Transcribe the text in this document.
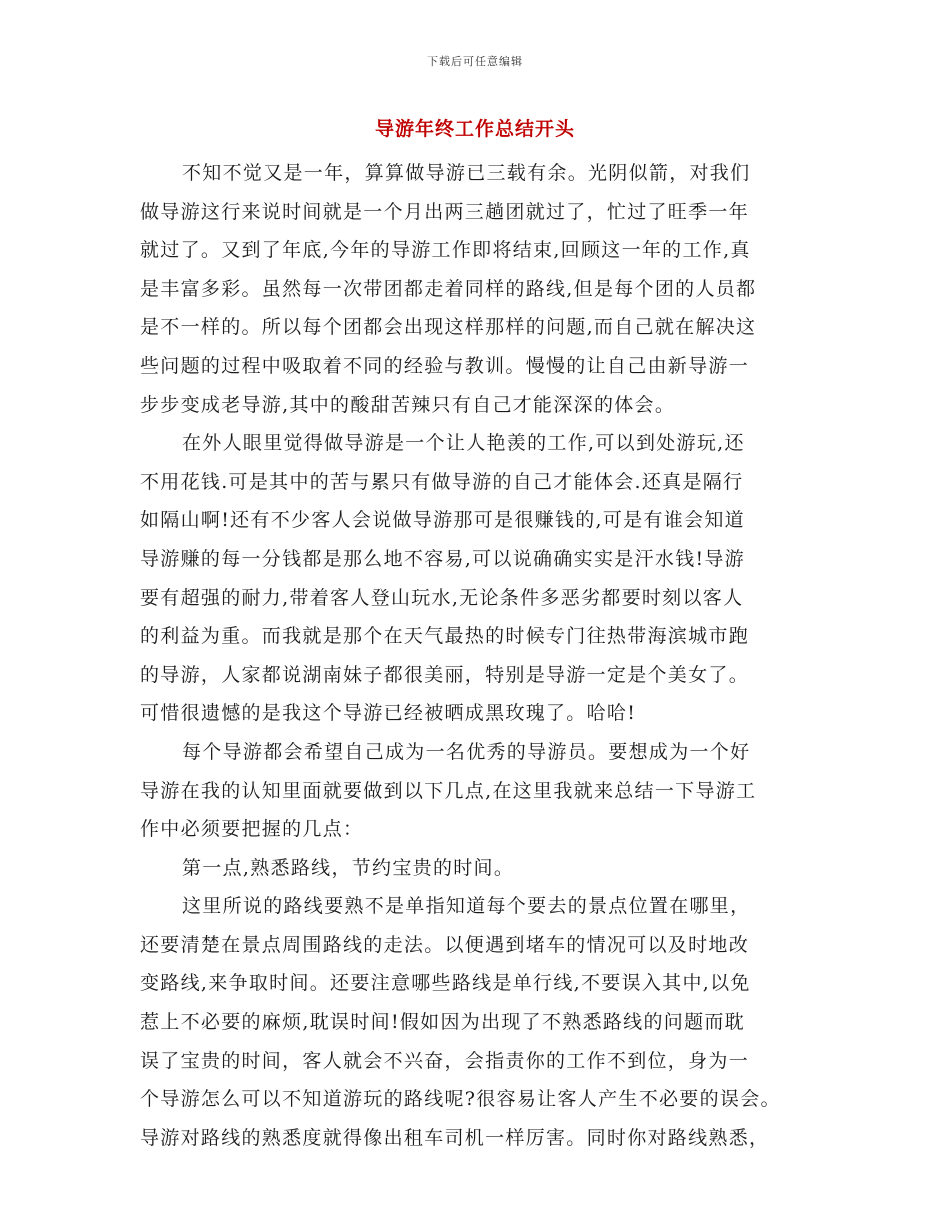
下载后可任意编辑
导游年终工作总结开头
不知不觉又是一年，算算做导游已三载有余。光阴似箭，对我们
做导游这行来说时间就是一个月出两三趟团就过了，忙过了旺季一年
就过了。又到了年底,今年的导游工作即将结束,回顾这一年的工作,真
是丰富多彩。虽然每一次带团都走着同样的路线,但是每个团的人员都
是不一样的。所以每个团都会出现这样那样的问题,而自己就在解决这
些问题的过程中吸取着不同的经验与教训。慢慢的让自己由新导游一
步步变成老导游,其中的酸甜苦辣只有自己才能深深的体会。
在外人眼里觉得做导游是一个让人艳羡的工作,可以到处游玩,还
不用花钱.可是其中的苦与累只有做导游的自己才能体会.还真是隔行
如隔山啊!还有不少客人会说做导游那可是很赚钱的,可是有谁会知道
导游赚的每一分钱都是那么地不容易,可以说确确实实是汗水钱!导游
要有超强的耐力,带着客人登山玩水,无论条件多恶劣都要时刻以客人
的利益为重。而我就是那个在天气最热的时候专门往热带海滨城市跑
的导游，人家都说湖南妹子都很美丽，特别是导游一定是个美女了。
可惜很遗憾的是我这个导游已经被晒成黑玫瑰了。哈哈!
每个导游都会希望自己成为一名优秀的导游员。要想成为一个好
导游在我的认知里面就要做到以下几点,在这里我就来总结一下导游工
作中必须要把握的几点：
第一点,熟悉路线，节约宝贵的时间。
这里所说的路线要熟不是单指知道每个要去的景点位置在哪里，
还要清楚在景点周围路线的走法。以便遇到堵车的情况可以及时地改
变路线,来争取时间。还要注意哪些路线是单行线,不要误入其中,以免
惹上不必要的麻烦,耽误时间!假如因为出现了不熟悉路线的问题而耽
误了宝贵的时间，客人就会不兴奋，会指责你的工作不到位，身为一
个导游怎么可以不知道游玩的路线呢?很容易让客人产生不必要的误会。
导游对路线的熟悉度就得像出租车司机一样厉害。同时你对路线熟悉，
